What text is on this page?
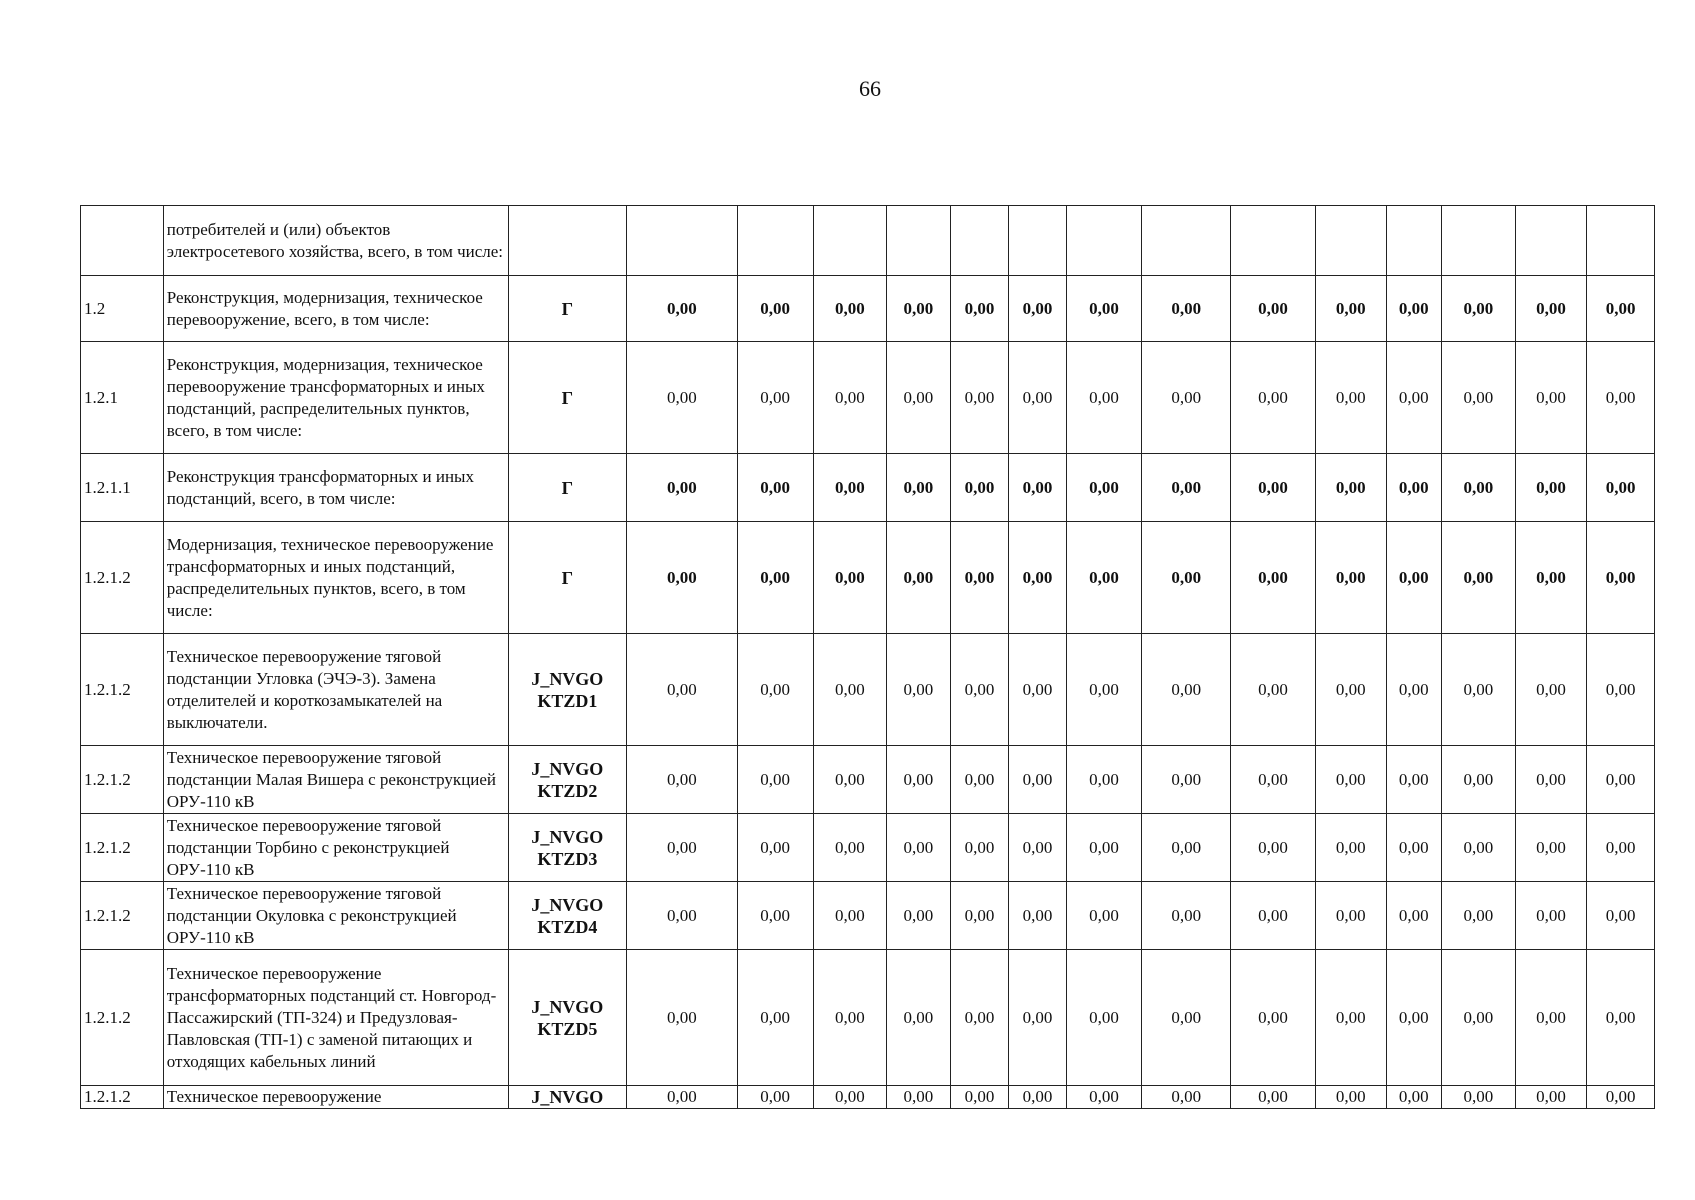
66
	потребителей и (или) объектов электросетевого хозяйства, всего, в том числе:															
1.2	Реконструкция, модернизация, техническое перевооружение, всего, в том числе:	Г	0,00	0,00	0,00	0,00	0,00	0,00	0,00	0,00	0,00	0,00	0,00	0,00	0,00	0,00
1.2.1	Реконструкция, модернизация, техническое перевооружение трансформаторных и иных подстанций, распределительных пунктов, всего, в том числе:	Г	0,00	0,00	0,00	0,00	0,00	0,00	0,00	0,00	0,00	0,00	0,00	0,00	0,00	0,00
1.2.1.1	Реконструкция трансформаторных и иных подстанций, всего, в том числе:	Г	0,00	0,00	0,00	0,00	0,00	0,00	0,00	0,00	0,00	0,00	0,00	0,00	0,00	0,00
1.2.1.2	Модернизация, техническое перевооружение трансформаторных и иных подстанций, распределительных пунктов, всего, в том числе:	Г	0,00	0,00	0,00	0,00	0,00	0,00	0,00	0,00	0,00	0,00	0,00	0,00	0,00	0,00
1.2.1.2	Техническое перевооружение тяговой подстанции Угловка (ЭЧЭ-3). Замена отделителей и короткозамыкателей на выключатели.	J_NVGO KTZD1	0,00	0,00	0,00	0,00	0,00	0,00	0,00	0,00	0,00	0,00	0,00	0,00	0,00	0,00
1.2.1.2	Техническое перевооружение тяговой подстанции Малая Вишера с реконструкцией ОРУ-110 кВ	J_NVGO KTZD2	0,00	0,00	0,00	0,00	0,00	0,00	0,00	0,00	0,00	0,00	0,00	0,00	0,00	0,00
1.2.1.2	Техническое перевооружение тяговой подстанции Торбино с реконструкцией ОРУ-110 кВ	J_NVGO KTZD3	0,00	0,00	0,00	0,00	0,00	0,00	0,00	0,00	0,00	0,00	0,00	0,00	0,00	0,00
1.2.1.2	Техническое перевооружение тяговой подстанции Окуловка с реконструкцией ОРУ-110 кВ	J_NVGO KTZD4	0,00	0,00	0,00	0,00	0,00	0,00	0,00	0,00	0,00	0,00	0,00	0,00	0,00	0,00
1.2.1.2	Техническое перевооружение трансформаторных подстанций ст. Новгород-Пассажирский (ТП-324) и Предузловая-Павловская (ТП-1) с заменой питающих и отходящих кабельных линий	J_NVGO KTZD5	0,00	0,00	0,00	0,00	0,00	0,00	0,00	0,00	0,00	0,00	0,00	0,00	0,00	0,00
1.2.1.2	Техническое перевооружение	J_NVGO	0,00	0,00	0,00	0,00	0,00	0,00	0,00	0,00	0,00	0,00	0,00	0,00	0,00	0,00
